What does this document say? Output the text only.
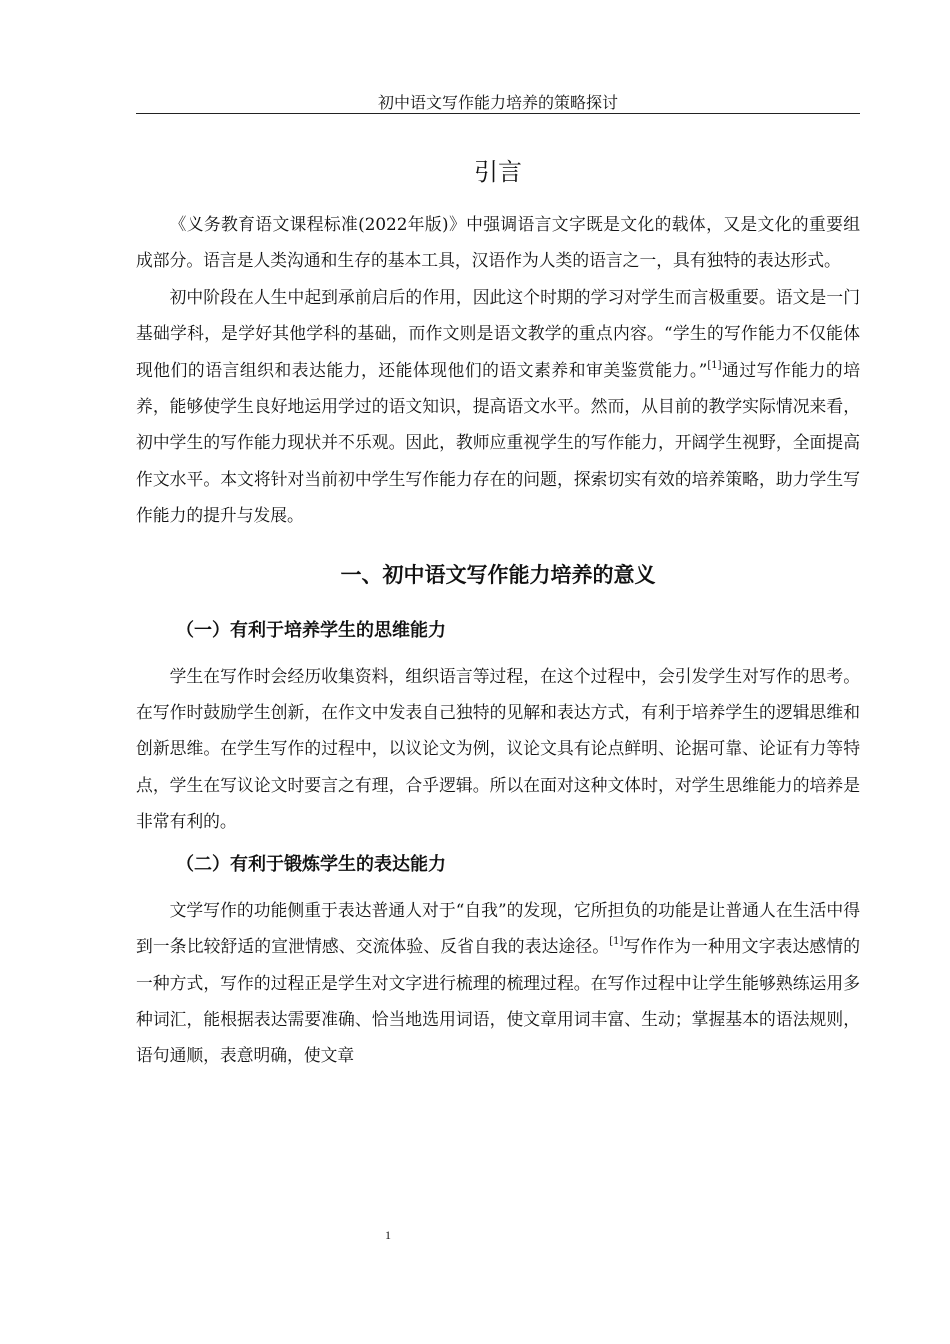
初中语文写作能力培养的策略探讨
引言

《义务教育语文课程标准(2022年版)》中强调语言文字既是文化的载体，又是文化的重要组成部分。语言是人类沟通和生存的基本工具，汉语作为人类的语言之一，具有独特的表达形式。

初中阶段在人生中起到承前启后的作用，因此这个时期的学习对学生而言极重要。语文是一门基础学科，是学好其他学科的基础，而作文则是语文教学的重点内容。“学生的写作能力不仅能体现他们的语言组织和表达能力，还能体现他们的语文素养和审美鉴赏能力。”[1]通过写作能力的培养，能够使学生良好地运用学过的语文知识，提高语文水平。然而，从目前的教学实际情况来看，初中学生的写作能力现状并不乐观。因此，教师应重视学生的写作能力，开阔学生视野，全面提高作文水平。本文将针对当前初中学生写作能力存在的问题，探索切实有效的培养策略，助力学生写作能力的提升与发展。

一、初中语文写作能力培养的意义
（一）有利于培养学生的思维能力

学生在写作时会经历收集资料，组织语言等过程，在这个过程中，会引发学生对写作的思考。在写作时鼓励学生创新，在作文中发表自己独特的见解和表达方式，有利于培养学生的逻辑思维和创新思维。在学生写作的过程中，以议论文为例，议论文具有论点鲜明、论据可靠、论证有力等特点，学生在写议论文时要言之有理，合乎逻辑。所以在面对这种文体时，对学生思维能力的培养是非常有利的。

（二）有利于锻炼学生的表达能力

文学写作的功能侧重于表达普通人对于“自我”的发现，它所担负的功能是让普通人在生活中得到一条比较舒适的宣泄情感、交流体验、反省自我的表达途径。[1]写作作为一种用文字表达感情的一种方式，写作的过程正是学生对文字进行梳理的梳理过程。在写作过程中让学生能够熟练运用多种词汇，能根据表达需要准确、恰当地选用词语，使文章用词丰富、生动；掌握基本的语法规则，语句通顺，表意明确，使文章

1
